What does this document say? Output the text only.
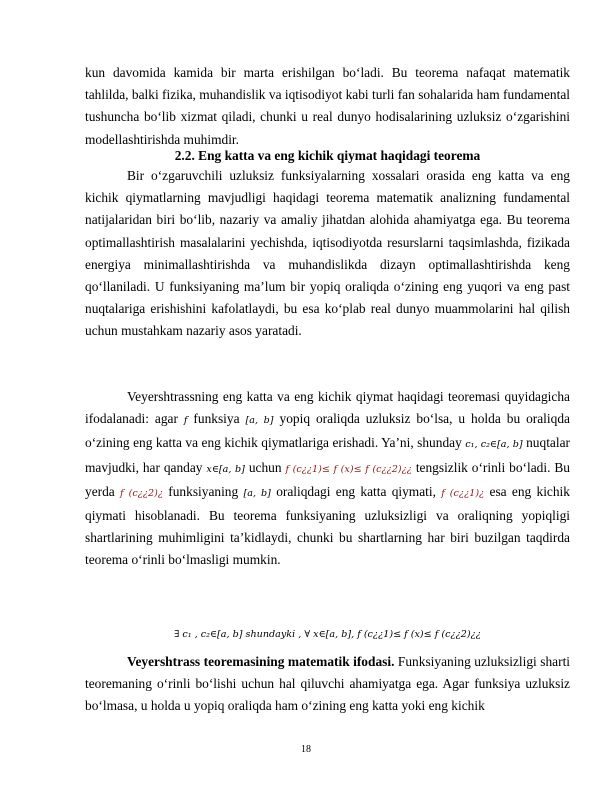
kun davomida kamida bir marta erishilgan bo‘ladi. Bu teorema nafaqat matematik tahlilda, balki fizika, muhandislik va iqtisodiyot kabi turli fan sohalarida ham fundamental tushuncha bo‘lib xizmat qiladi, chunki u real dunyo hodisalarining uzluksiz o‘zgarishini modellashtirishda muhimdir.

2.2. Eng katta va eng kichik qiymat haqidagi teorema

Bir o‘zgaruvchili uzluksiz funksiyalarning xossalari orasida eng katta va eng kichik qiymatlarning mavjudligi haqidagi teorema matematik analizning fundamental natijalaridan biri bo‘lib, nazariy va amaliy jihatdan alohida ahamiyatga ega. Bu teorema optimallashtirish masalalarini yechishda, iqtisodiyotda resurslarni taqsimlashda, fizikada energiya minimallashtirishda va muhandislikda dizayn optimallashtirishda keng qo‘llaniladi. U funksiyaning ma’lum bir yopiq oraliqda o‘zining eng yuqori va eng past nuqtalariga erishishini kafolatlaydi, bu esa ko‘plab real dunyo muammolarini hal qilish uchun mustahkam nazariy asos yaratadi.

Veyershtrassning eng katta va eng kichik qiymat haqidagi teoremasi quyidagicha ifodalanadi: agar f funksiya [a, b] yopiq oraliqda uzluksiz bo‘lsa, u holda bu oraliqda o‘zining eng katta va eng kichik qiymatlariga erishadi. Ya’ni, shunday c₁, c₂∈[a, b] nuqtalar mavjudki, har qanday x∈[a, b] uchun f (c¿¿1)≤ f (x)≤ f (c¿¿2)¿¿ tengsizlik o‘rinli bo‘ladi. Bu yerda f (c¿¿2)¿ funksiyaning [a, b] oraliqdagi eng katta qiymati, f (c¿¿1)¿ esa eng kichik qiymati hisoblanadi. Bu teorema funksiyaning uzluksizligi va oraliqning yopiqligi shartlarining muhimligini ta’kidlaydi, chunki bu shartlarning har biri buzilgan taqdirda teorema o‘rinli bo‘lmasligi mumkin.

∃ c₁ , c₂∈[a, b] shundayki , ∀ x∈[a, b], f (c¿¿1)≤ f (x)≤ f (c¿¿2)¿¿

Veyershtrass teoremasining matematik ifodasi. Funksiyaning uzluksizligi sharti teoremaning o‘rinli bo‘lishi uchun hal qiluvchi ahamiyatga ega. Agar funksiya uzluksiz bo‘lmasa, u holda u yopiq oraliqda ham o‘zining eng katta yoki eng kichik

18
